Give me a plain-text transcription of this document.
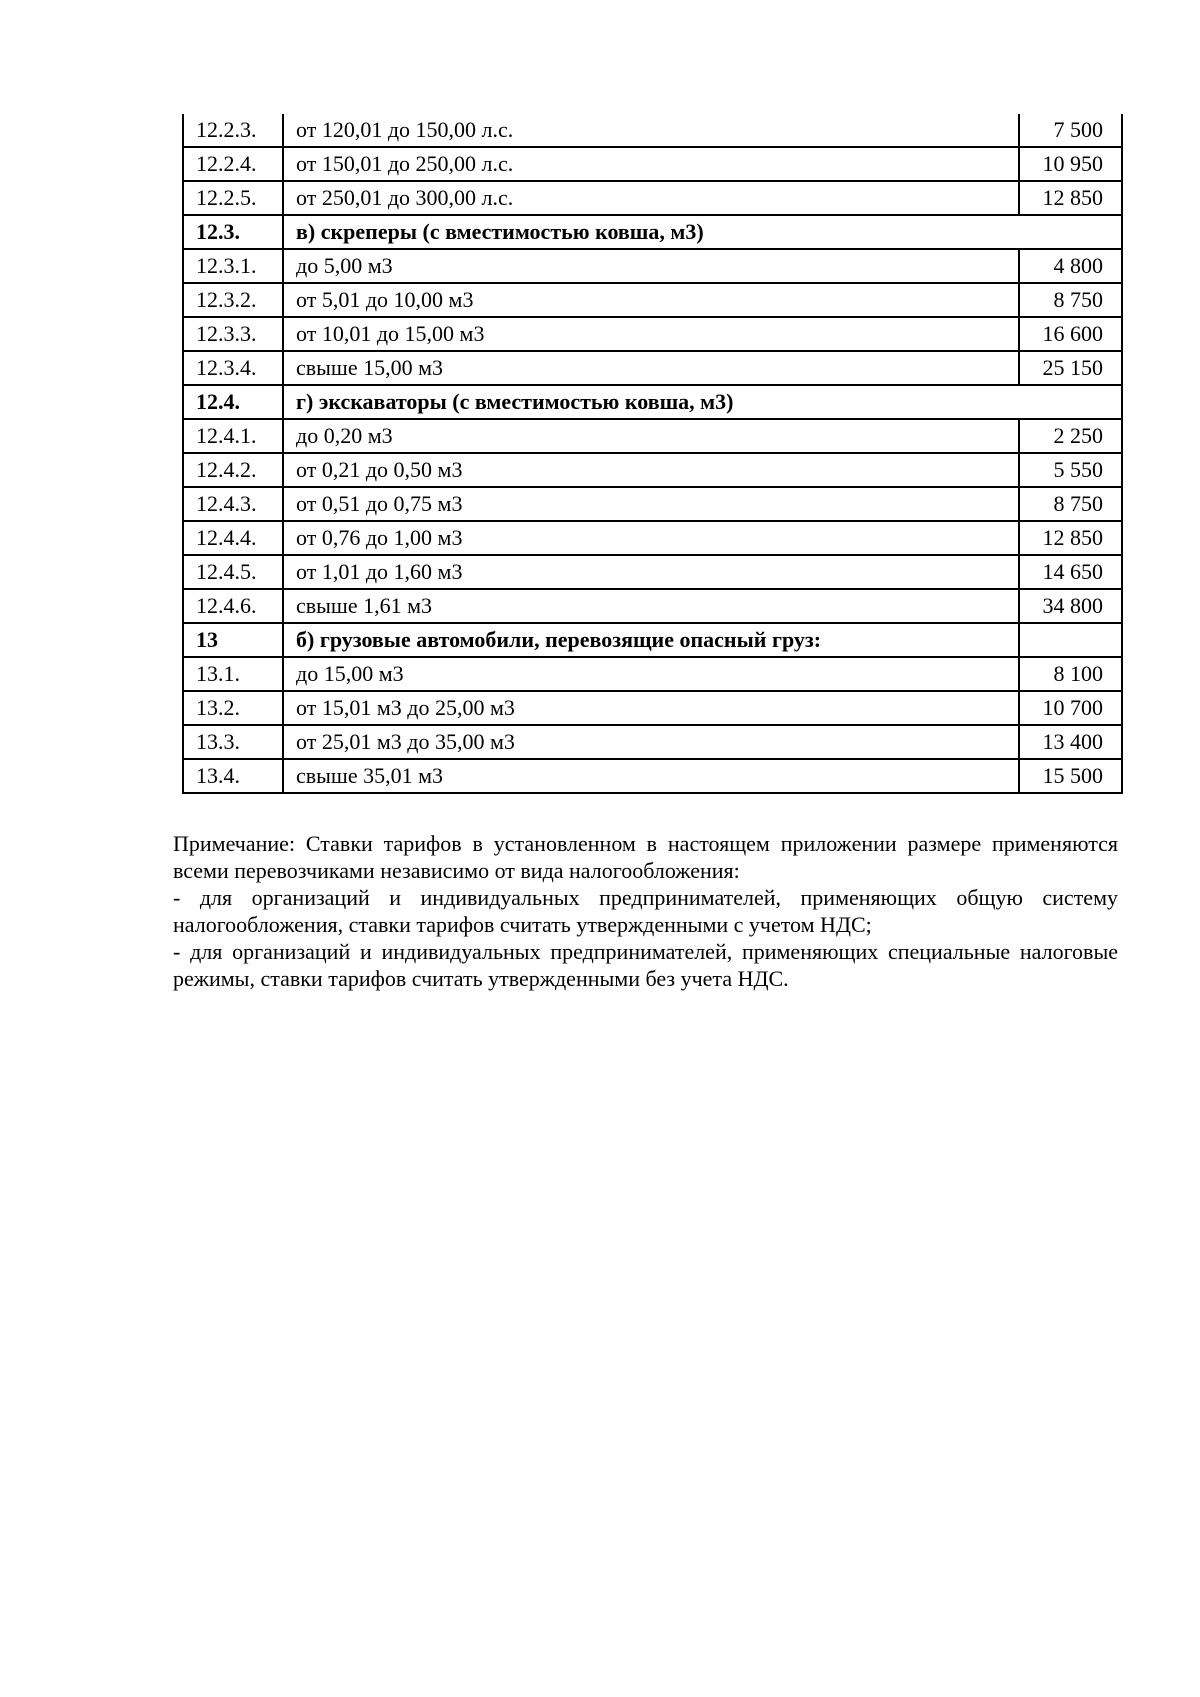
12.2.3.	от 120,01 до 150,00 л.с.	7 500
12.2.4.	от 150,01 до 250,00 л.с.	10 950
12.2.5.	от 250,01 до 300,00 л.с.	12 850
12.3.	в) скреперы (с вместимостью ковша, м3)	
12.3.1.	до 5,00 м3	4 800
12.3.2.	от 5,01 до 10,00 м3	8 750
12.3.3.	от 10,01 до 15,00 м3	16 600
12.3.4.	свыше 15,00 м3	25 150
12.4.	г) экскаваторы (с вместимостью ковша, м3)	
12.4.1.	до 0,20 м3	2 250
12.4.2.	от 0,21 до 0,50 м3	5 550
12.4.3.	от 0,51 до 0,75 м3	8 750
12.4.4.	от 0,76 до 1,00 м3	12 850
12.4.5.	от 1,01 до 1,60 м3	14 650
12.4.6.	свыше 1,61 м3	34 800
13	б) грузовые автомобили, перевозящие опасный груз:	
13.1.	до 15,00 м3	8 100
13.2.	от 15,01 м3 до 25,00 м3	10 700
13.3.	от 25,01 м3 до 35,00 м3	13 400
13.4.	свыше 35,01 м3	15 500

Примечание: Ставки тарифов в установленном в настоящем приложении размере применяются всеми перевозчиками независимо от вида налогообложения:

- для организаций и индивидуальных предпринимателей, применяющих общую систему налогообложения, ставки тарифов считать утвержденными с учетом НДС;

- для организаций и индивидуальных предпринимателей, применяющих специальные налоговые режимы, ставки тарифов считать утвержденными без учета НДС.
